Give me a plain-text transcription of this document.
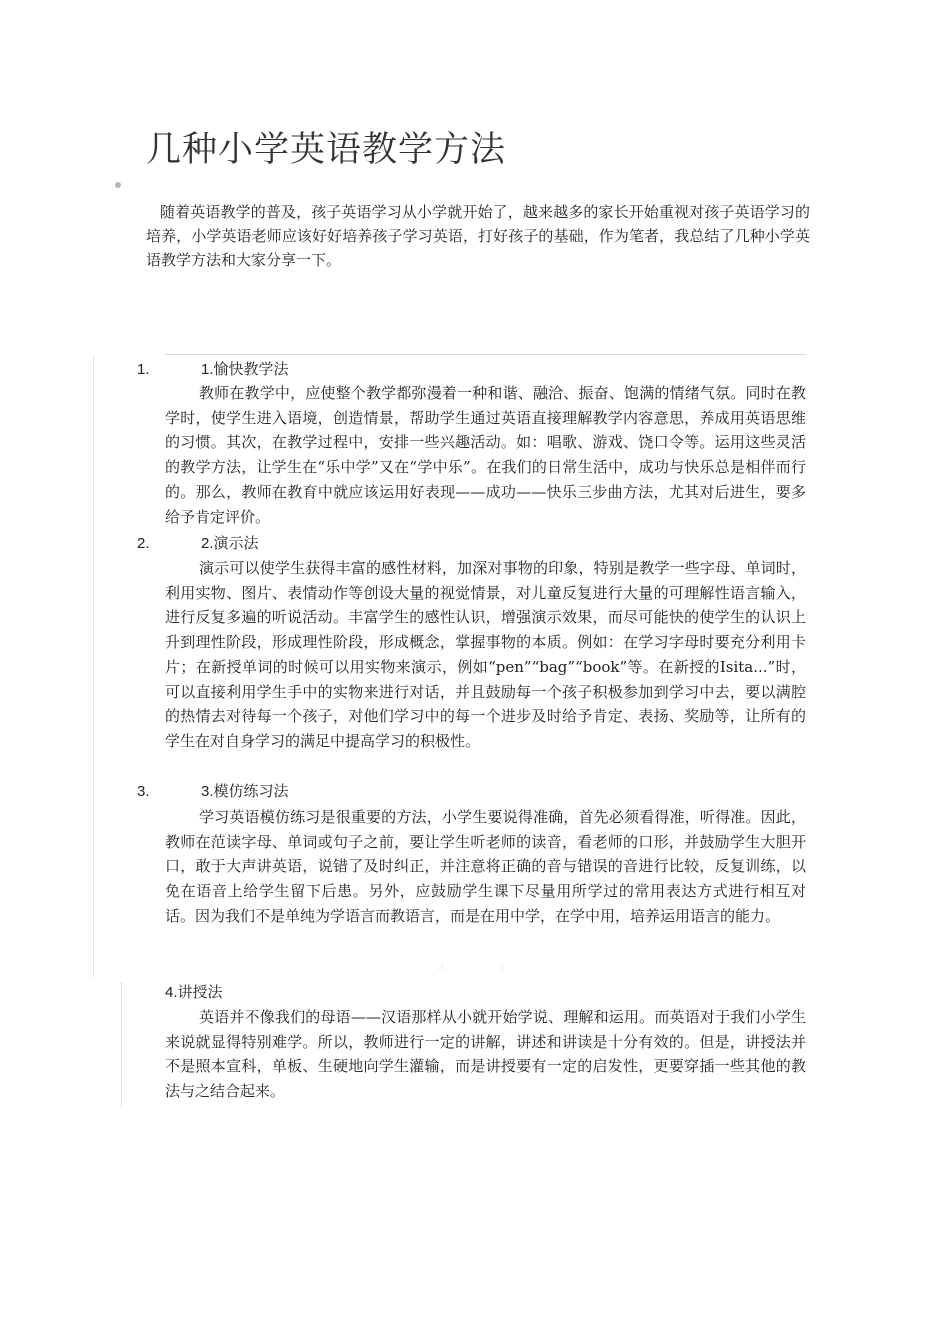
几种小学英语教学方法

随着英语教学的普及，孩子英语学习从小学就开始了，越来越多的家长开始重视对孩子英语学习的培养，小学英语老师应该好好培养孩子学习英语，打好孩子的基础，作为笔者，我总结了几种小学英语教学方法和大家分享一下。

1.	1.愉快教学法

教师在教学中，应使整个教学都弥漫着一种和谐、融洽、振奋、饱满的情绪气氛。同时在教学时，使学生进入语境，创造情景，帮助学生通过英语直接理解教学内容意思，养成用英语思维的习惯。其次，在教学过程中，安排一些兴趣活动。如：唱歌、游戏、饶口令等。运用这些灵活的教学方法，让学生在“乐中学”又在“学中乐”。在我们的日常生活中，成功与快乐总是相伴而行的。那么，教师在教育中就应该运用好表现——成功——快乐三步曲方法，尤其对后进生，要多给予肯定评价。

2.	2.演示法

演示可以使学生获得丰富的感性材料，加深对事物的印象，特别是教学一些字母、单词时，利用实物、图片、表情动作等创设大量的视觉情景，对儿童反复进行大量的可理解性语言输入，进行反复多遍的听说活动。丰富学生的感性认识，增强演示效果，而尽可能快的使学生的认识上升到理性阶段，形成理性阶段，形成概念，掌握事物的本质。例如：在学习字母时要充分利用卡片；在新授单词的时候可以用实物来演示，例如“pen”“bag”“book”等。在新授的Isita...”时，可以直接利用学生手中的实物来进行对话，并且鼓励每一个孩子积极参加到学习中去，要以满腔的热情去对待每一个孩子，对他们学习中的每一个进步及时给予肯定、表扬、奖励等，让所有的学生在对自身学习的满足中提高学习的积极性。

3.	3.模仿练习法

学习英语模仿练习是很重要的方法，小学生要说得准确，首先必须看得准，听得准。因此，教师在范读字母、单词或句子之前，要让学生听老师的读音，看老师的口形，并鼓励学生大胆开口，敢于大声讲英语，说错了及时纠正，并注意将正确的音与错误的音进行比较，反复训练，以免在语音上给学生留下后患。另外，应鼓励学生课下尽量用所学过的常用表达方式进行相互对话。因为我们不是单纯为学语言而教语言，而是在用中学，在学中用，培养运用语言的能力。

4.	4
4.讲授法

英语并不像我们的母语——汉语那样从小就开始学说、理解和运用。而英语对于我们小学生来说就显得特别难学。所以，教师进行一定的讲解，讲述和讲读是十分有效的。但是，讲授法并不是照本宣科，单板、生硬地向学生灌输，而是讲授要有一定的启发性，更要穿插一些其他的教法与之结合起来。
